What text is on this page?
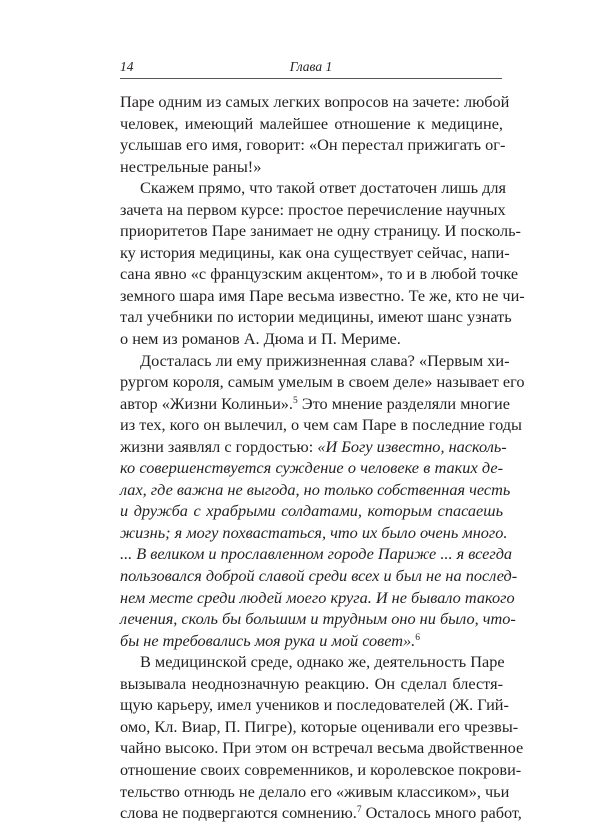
14	Глава 1
Паре одним из самых легких вопросов на зачете: любой
человек, имеющий малейшее отношение к медицине,
услышав его имя, говорит: «Он перестал прижигать ог-
нестрельные раны!»
Скажем прямо, что такой ответ достаточен лишь для
зачета на первом курсе: простое перечисление научных
приоритетов Паре занимает не одну страницу. И посколь-
ку история медицины, как она существует сейчас, напи-
сана явно «с французским акцентом», то и в любой точке
земного шара имя Паре весьма известно. Те же, кто не чи-
тал учебники по истории медицины, имеют шанс узнать
о нем из романов А. Дюма и П. Мериме.
Досталась ли ему прижизненная слава? «Первым хи-
рургом короля, самым умелым в своем деле» называет его
автор «Жизни Колиньи».$^5$ Это мнение разделяли многие
из тех, кого он вылечил, о чем сам Паре в последние годы
жизни заявлял с гордостью: «И Богу известно, насколь-
ко совершенствуется суждение о человеке в таких де-
лах, где важна не выгода, но только собственная честь
и дружба с храбрыми солдатами, которым спасаешь
жизнь; я могу похвастаться, что их было очень много.
... В великом и прославленном городе Париже ... я всегда
пользовался доброй славой среди всех и был не на послед-
нем месте среди людей моего круга. И не бывало такого
лечения, сколь бы большим и трудным оно ни было, что-
бы не требовались моя рука и мой совет».$^6$
В медицинской среде, однако же, деятельность Паре
вызывала неоднозначную реакцию. Он сделал блестя-
щую карьеру, имел учеников и последователей (Ж. Гий-
омо, Кл. Виар, П. Пигре), которые оценивали его чрезвы-
чайно высоко. При этом он встречал весьма двойственное
отношение своих современников, и королевское покрови-
тельство отнюдь не делало его «живым классиком», чьи
слова не подвергаются сомнению.$^7$ Осталось много работ,
